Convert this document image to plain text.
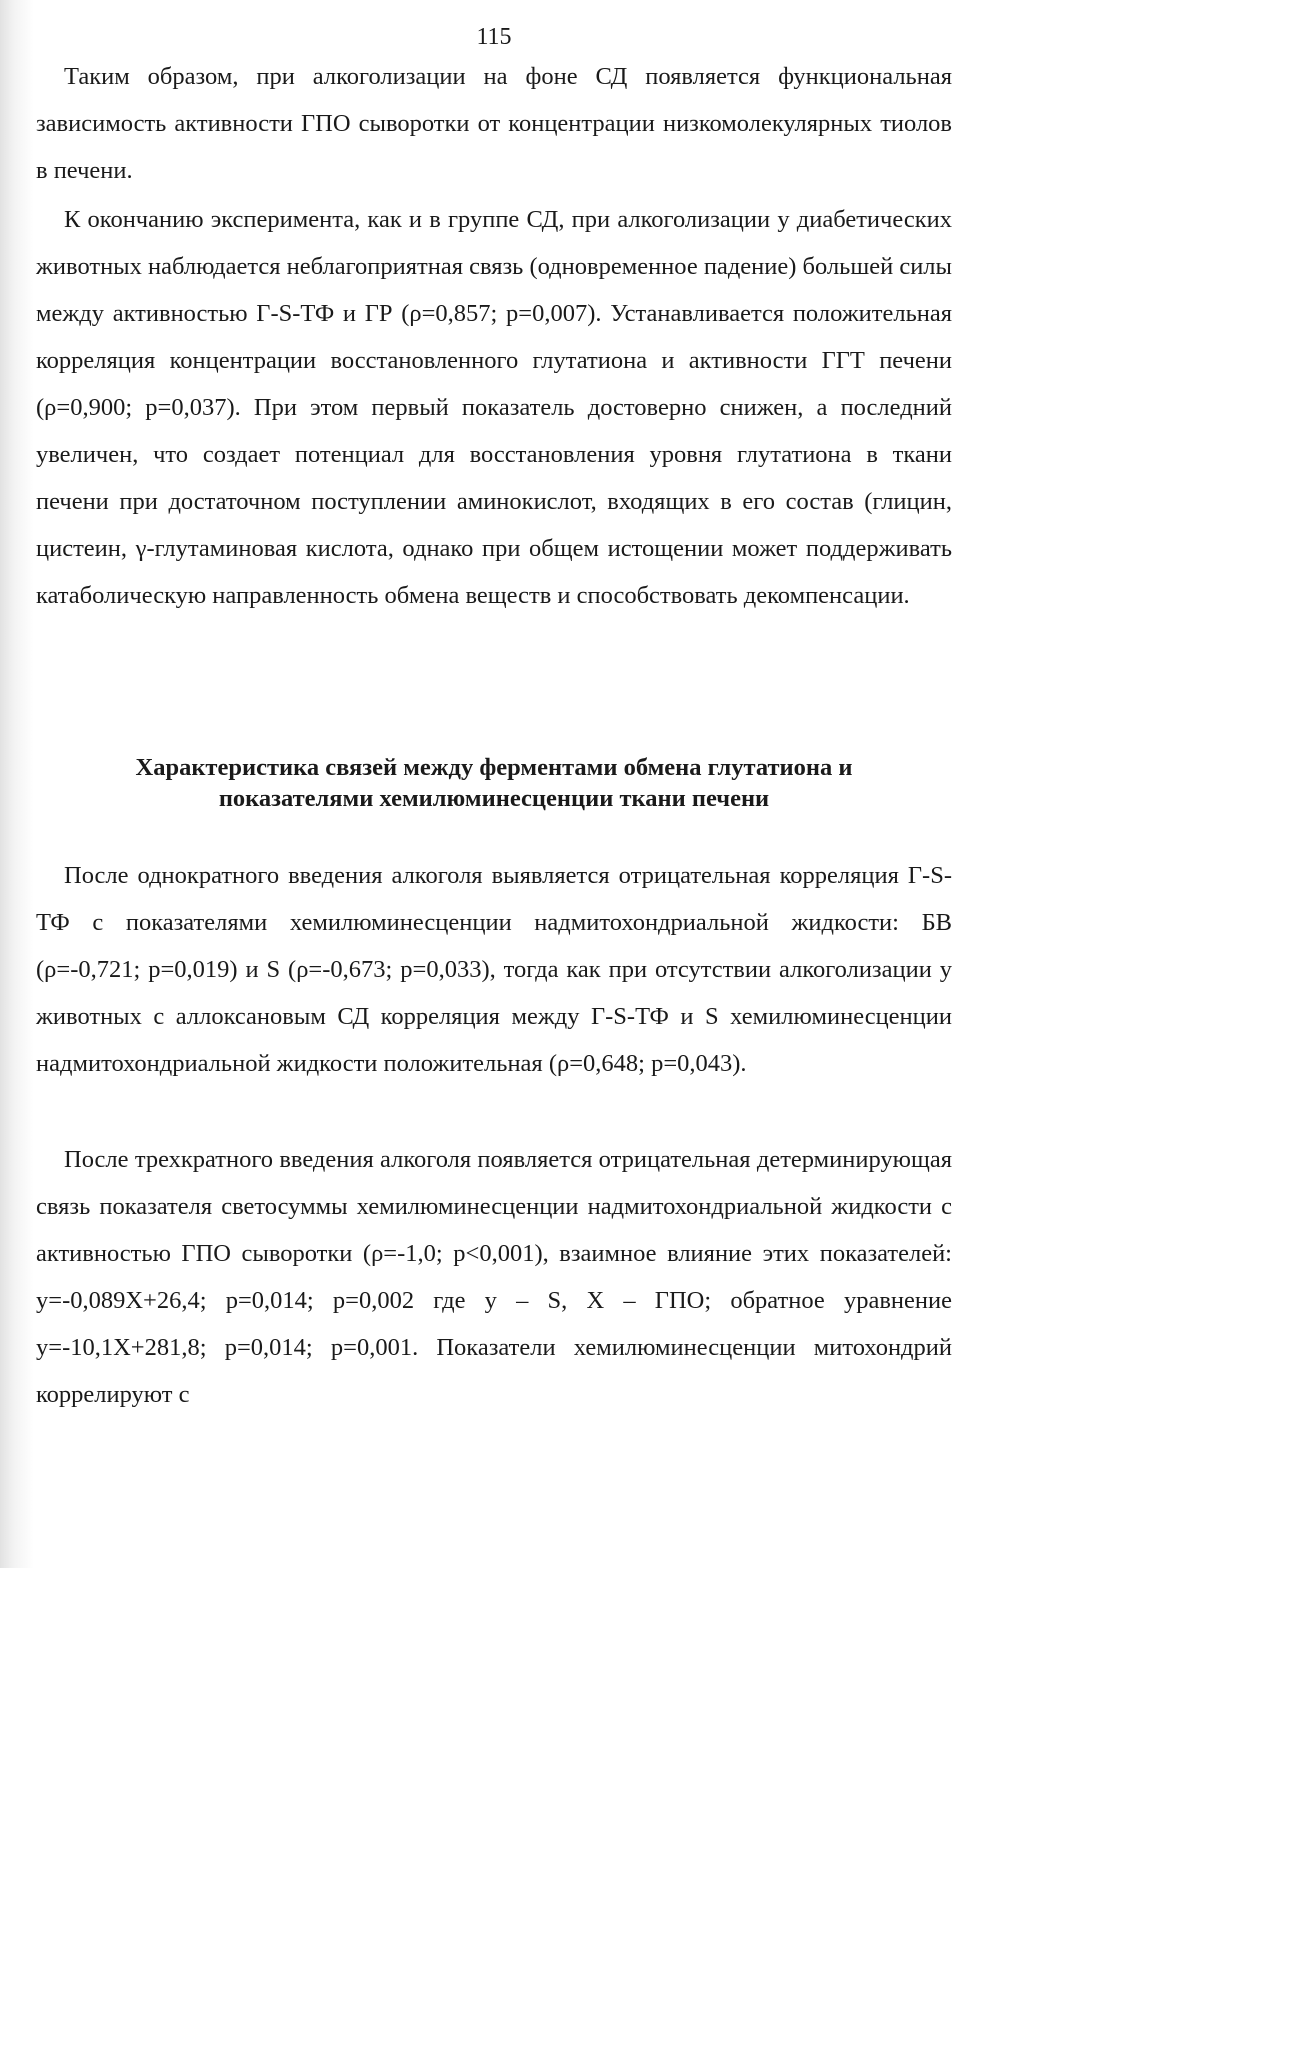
115

Таким образом, при алкоголизации на фоне СД появляется функциональная зависимость активности ГПО сыворотки от концентрации низкомолекулярных тиолов в печени.

К окончанию эксперимента, как и в группе СД, при алкоголизации у диабетических животных наблюдается неблагоприятная связь (одновременное падение) большей силы между активностью Г-S-ТФ и ГР (ρ=0,857; p=0,007). Устанавливается положительная корреляция концентрации восстановленного глутатиона и активности ГГТ печени (ρ=0,900; p=0,037). При этом первый показатель достоверно снижен, а последний увеличен, что создает потенциал для восстановления уровня глутатиона в ткани печени при достаточном поступлении аминокислот, входящих в его состав (глицин, цистеин, γ-глутаминовая кислота, однако при общем истощении может поддерживать катаболическую направленность обмена веществ и способствовать декомпенсации.

Характеристика связей между ферментами обмена глутатиона и
показателями хемилюминесценции ткани печени

После однократного введения алкоголя выявляется отрицательная корреляция Г-S-ТФ с показателями хемилюминесценции надмитохондриальной жидкости: БВ (ρ=-0,721; p=0,019) и S (ρ=-0,673; p=0,033), тогда как при отсутствии алкоголизации у животных с аллоксановым СД корреляция между Г-S-ТФ и S хемилюминесценции надмитохондриальной жидкости положительная (ρ=0,648; p=0,043).

После трехкратного введения алкоголя появляется отрицательная детерминирующая связь показателя светосуммы хемилюминесценции надмитохондриальной жидкости с активностью ГПО сыворотки (ρ=-1,0; p<0,001), взаимное влияние этих показателей: y=-0,089X+26,4; p=0,014; p=0,002 где y – S, X – ГПО; обратное уравнение y=-10,1X+281,8; p=0,014; p=0,001. Показатели хемилюминесценции митохондрий коррелируют с
